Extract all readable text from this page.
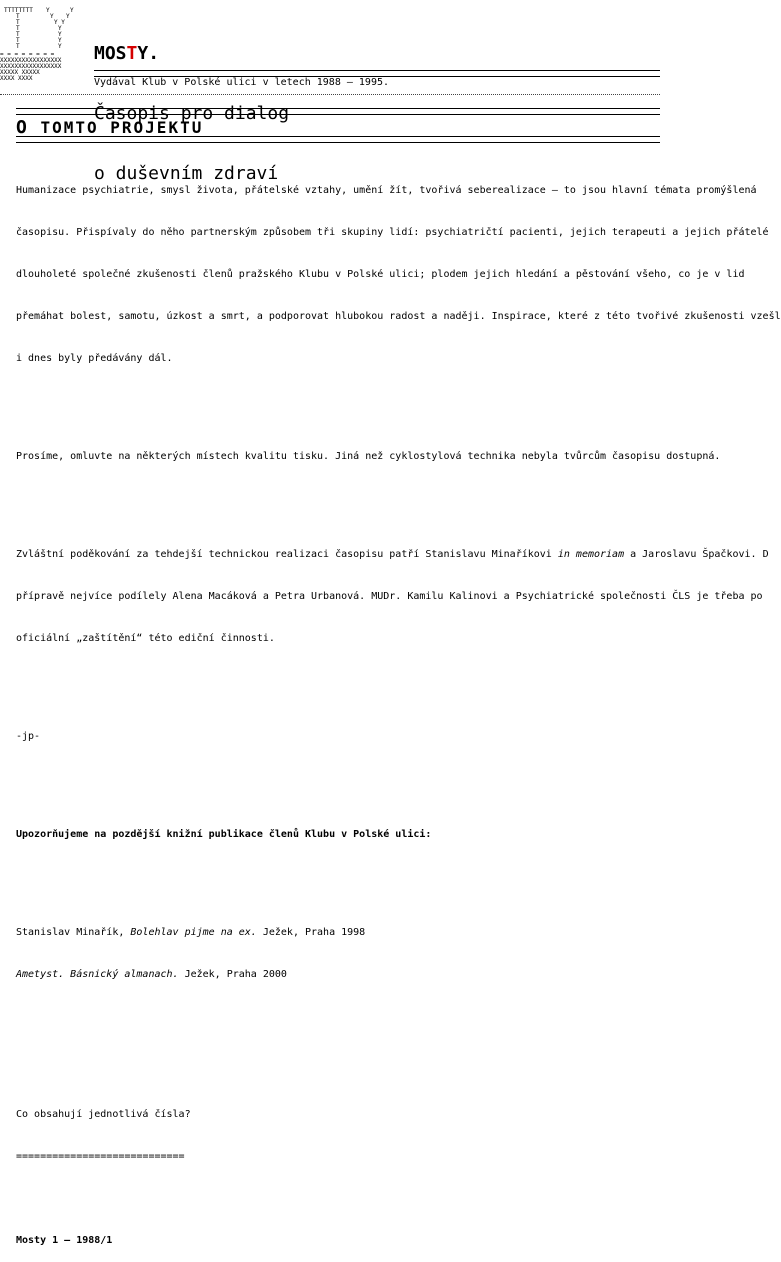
TTTTTTTT
T
T
T
T
T
T
Y	Y
Y Y
Y Y
Y
Y
Y
Y
= = = = = = = =
XXXXXXXXXXXXXXXXX
XXXXXXXXXXXXXXXXX
XXXXX XXXXX
XXXX XXXX

MOSTY.

Časopis pro dialog

o duševním zdraví

Vydával Klub v Polské ulici v letech 1988 – 1995.
O TOMTO PROJEKTU

Humanizace psychiatrie, smysl života, přátelské vztahy, umění žít, tvořivá seberealizace – to jsou hlavní témata promýšlená

časopisu. Přispívaly do něho partnerským způsobem tři skupiny lidí: psychiatričtí pacienti, jejich terapeuti a jejich přátelé

dlouholeté společné zkušenosti členů pražského Klubu v Polské ulici; plodem jejich hledání a pěstování všeho, co je v lid

přemáhat bolest, samotu, úzkost a smrt, a podporovat hlubokou radost a naději. Inspirace, které z této tvořivé zkušenosti vzešl

i dnes byly předávány dál.

Prosíme, omluvte na některých místech kvalitu tisku. Jiná než cyklostylová technika nebyla tvůrcům časopisu dostupná.

Zvláštní poděkování za tehdejší technickou realizaci časopisu patří Stanislavu Minaříkovi in memoriam a Jaroslavu Špačkovi. D

přípravě nejvíce podílely Alena Macáková a Petra Urbanová. MUDr. Kamilu Kalinovi a Psychiatrické společnosti ČLS je třeba po

oficiální „zaštítění“ této ediční činnosti.

-jp-

Upozorňujeme na pozdější knižní publikace členů Klubu v Polské ulici:

Stanislav Minařík, Bolehlav pijme na ex. Ježek, Praha 1998

Ametyst. Básnický almanach. Ježek, Praha 2000

Co obsahují jednotlivá čísla?

============================

Mosty 1 – 1988/1
